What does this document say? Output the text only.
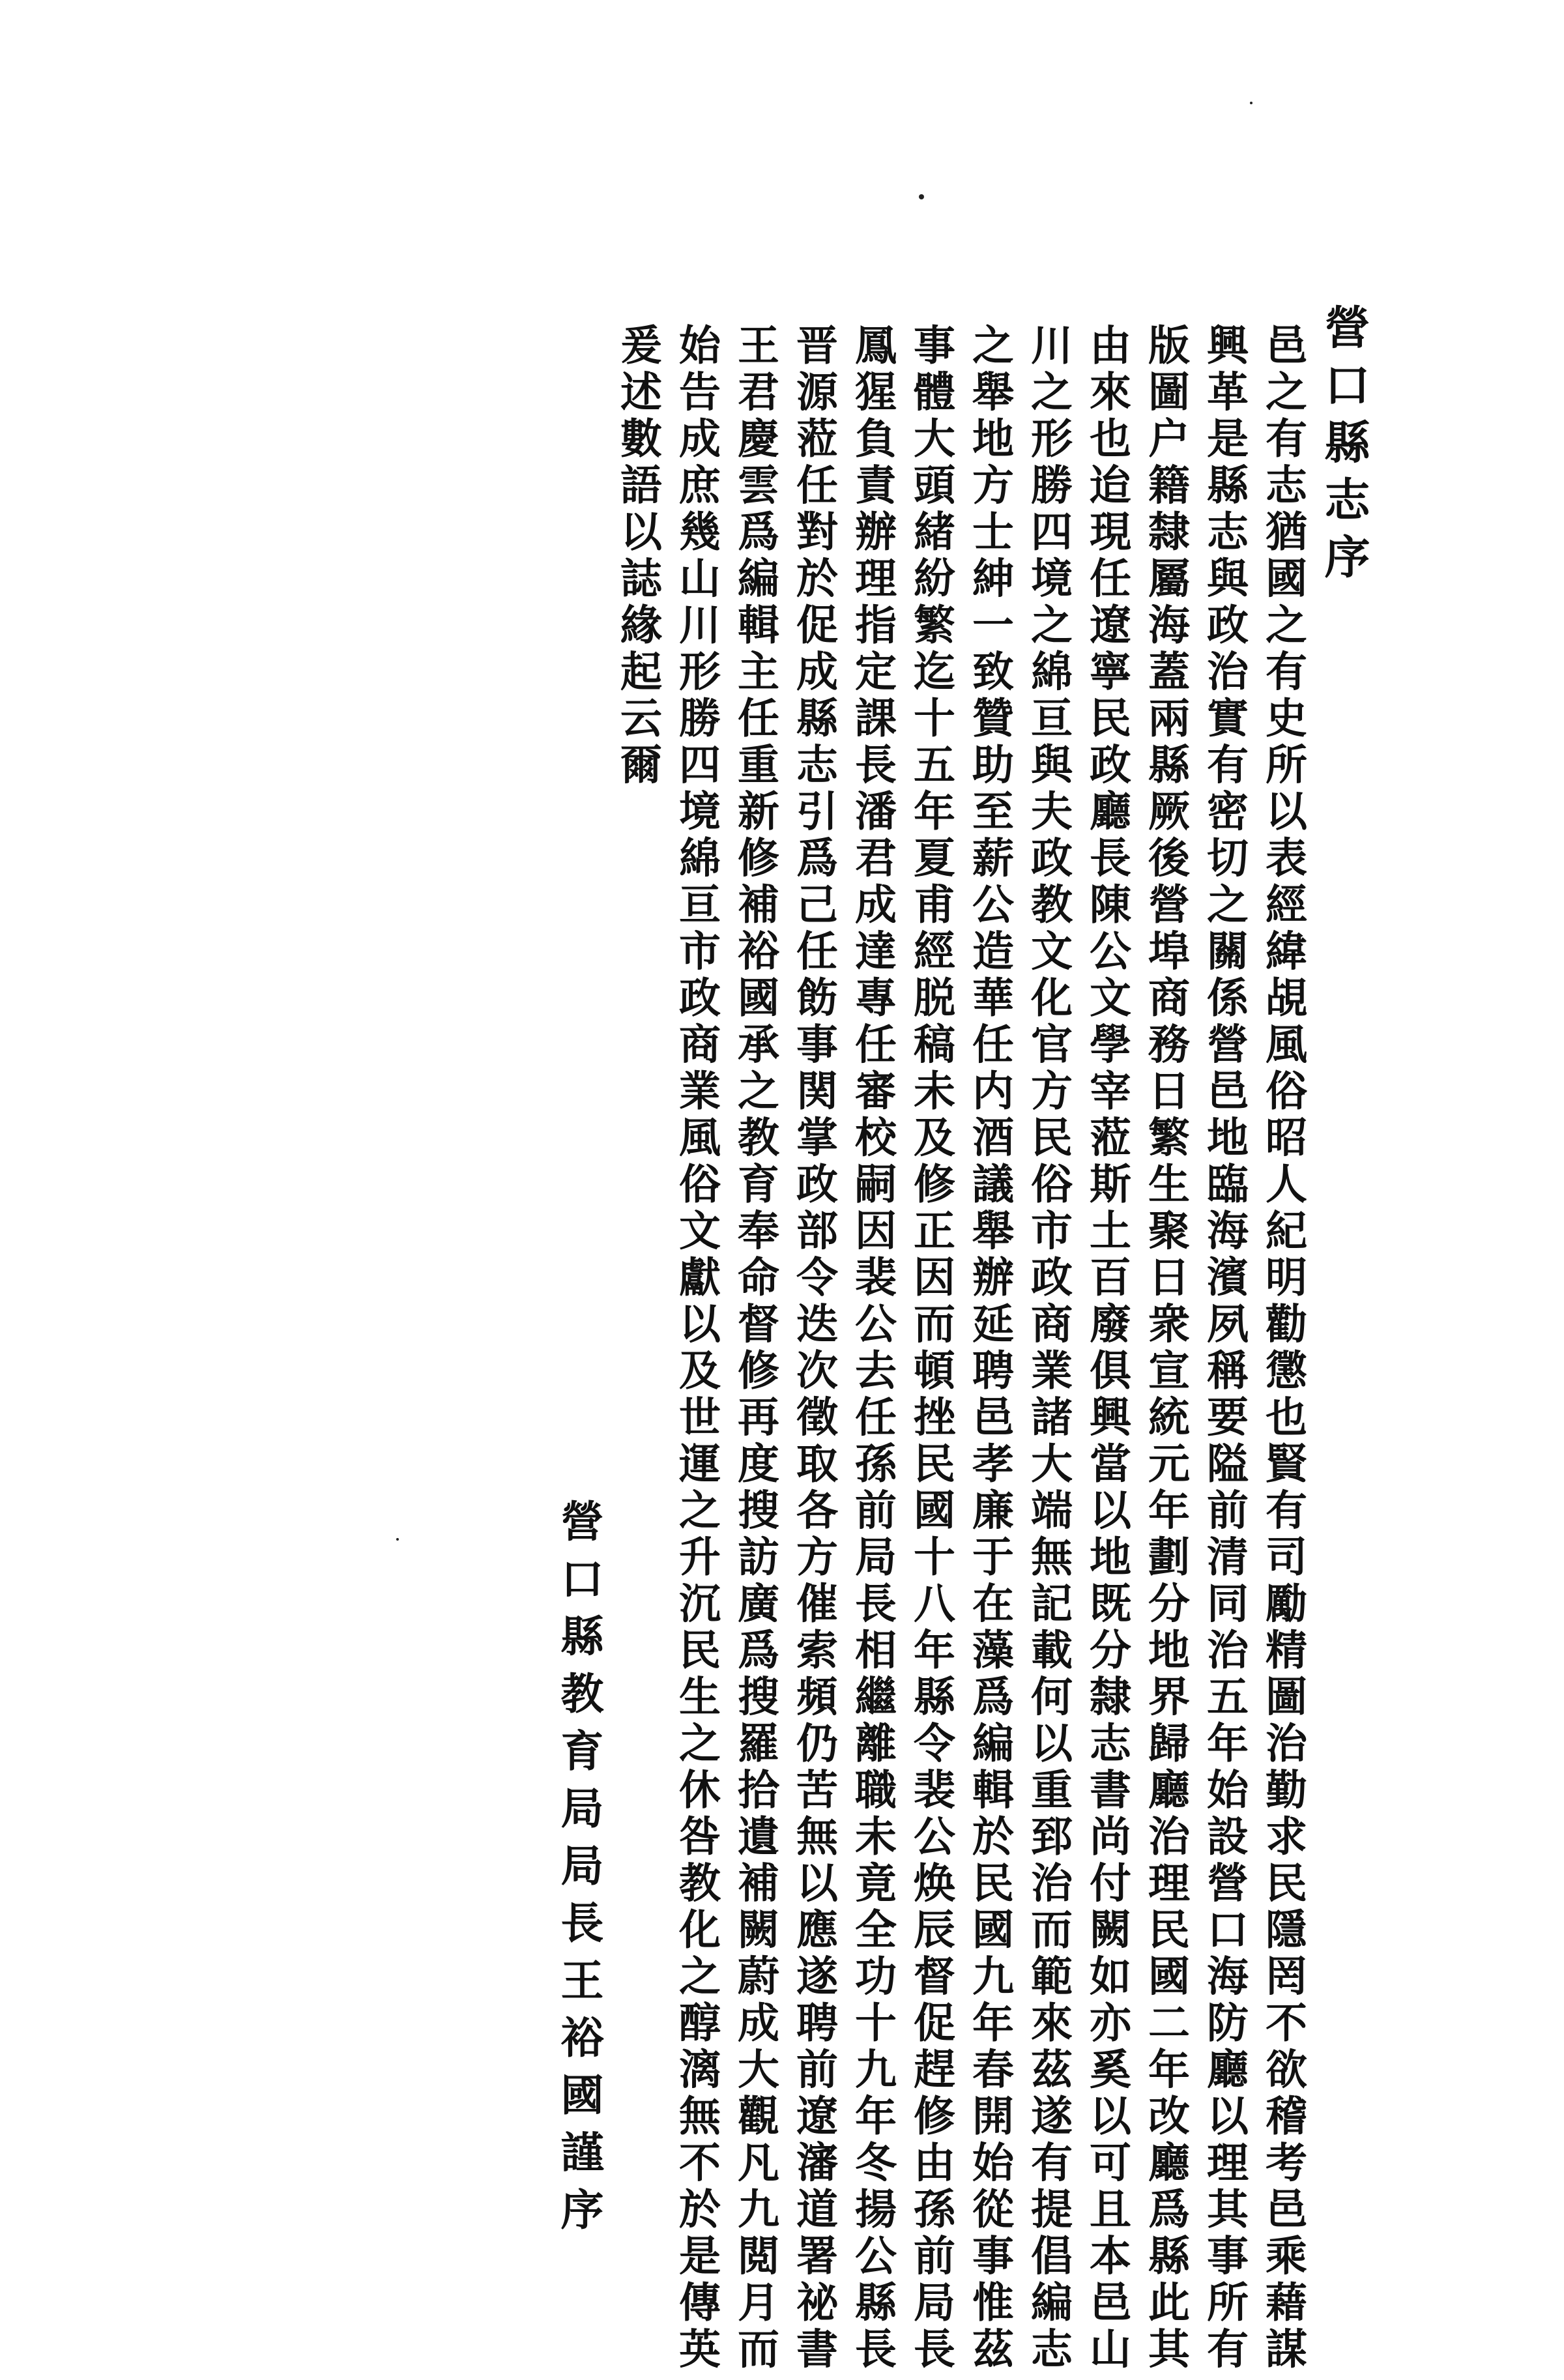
營口縣志序
邑之有志猶國之有史所以表經緯覘風俗昭人紀明勸懲也賢有司勵精圖治勤求民隱罔不欲稽考邑乘藉謀
興革是縣志與政治實有密切之關係營邑地臨海濱夙稱要隘前清同治五年始設營口海防廳以理其事所有
版圖户籍隸屬海蓋兩縣厥後營埠商務日繁生聚日衆宣統元年劃分地界歸廳治理民國二年改廳爲縣此其
由來也迨現任遼寧民政廳長陳公文學宰蒞斯土百廢俱興當以地既分隸志書尚付闕如亦奚以可且本邑山
川之形勝四境之綿亘與夫政教文化官方民俗市政商業諸大端無記載何以重郅治而範來茲遂有提倡編志
之舉地方士紳一致贊助至薪公造華任内酒議舉辦延聘邑孝廉于在藻爲編輯於民國九年春開始從事惟茲
事體大頭緒紛繁迄十五年夏甫經脱稿未及修正因而頓挫民國十八年縣令裴公焕辰督促趕修由孫前局長
鳳猩負責辦理指定課長潘君成達專任審校嗣因裴公去任孫前局長相繼離職未竟全功十九年冬揚公縣長
晋源蒞任對於促成縣志引爲己任飭事関掌政部令迭次徵取各方催索頻仍苦無以應遂聘前遼瀋道署祕書
王君慶雲爲編輯主任重新修補裕國承之教育奉命督修再度搜訪廣爲搜羅拾遺補闕蔚成大觀凡九閲月而
始告成庶幾山川形勝四境綿亘市政商業風俗文獻以及世運之升沉民生之休咎教化之醇漓無不於是傳英
爰述數語以誌緣起云爾
營口縣教育局局長王裕國謹序
